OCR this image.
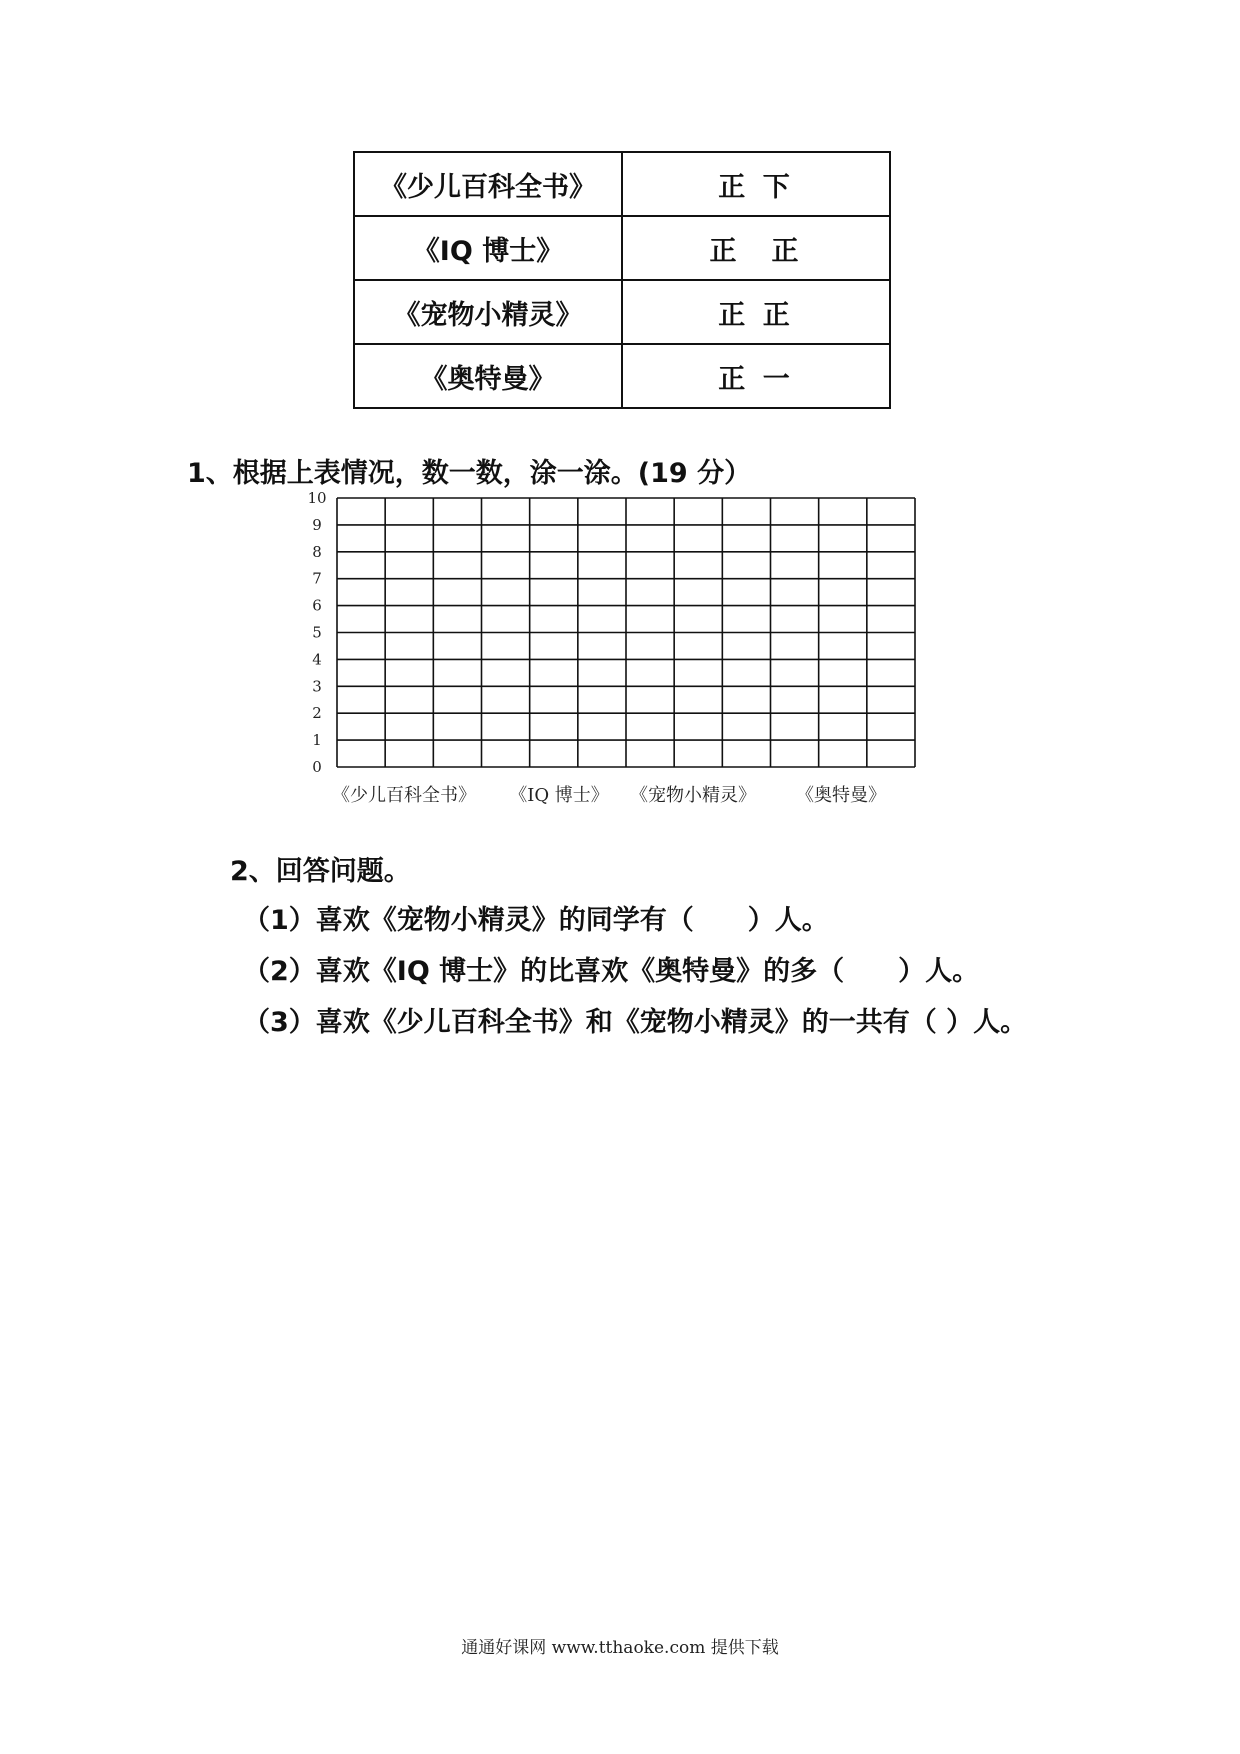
《少儿百科全书》	正 下
《IQ 博士》	正　正
《宠物小精灵》	正 正
《奥特曼》	正 一
1、根据上表情况，数一数，涂一涂。(19 分）
0
1
2
3
4
5
6
7
8
9
10
《少儿百科全书》 《IQ 博士》 《宠物小精灵》 《奥特曼》
2、回答问题。
（1）喜欢《宠物小精灵》的同学有（　　）人。
（2）喜欢《IQ 博士》的比喜欢《奥特曼》的多（　　）人。
（3）喜欢《少儿百科全书》和《宠物小精灵》的一共有（ ）人。
通通好课网 www.tthaoke.com 提供下载
